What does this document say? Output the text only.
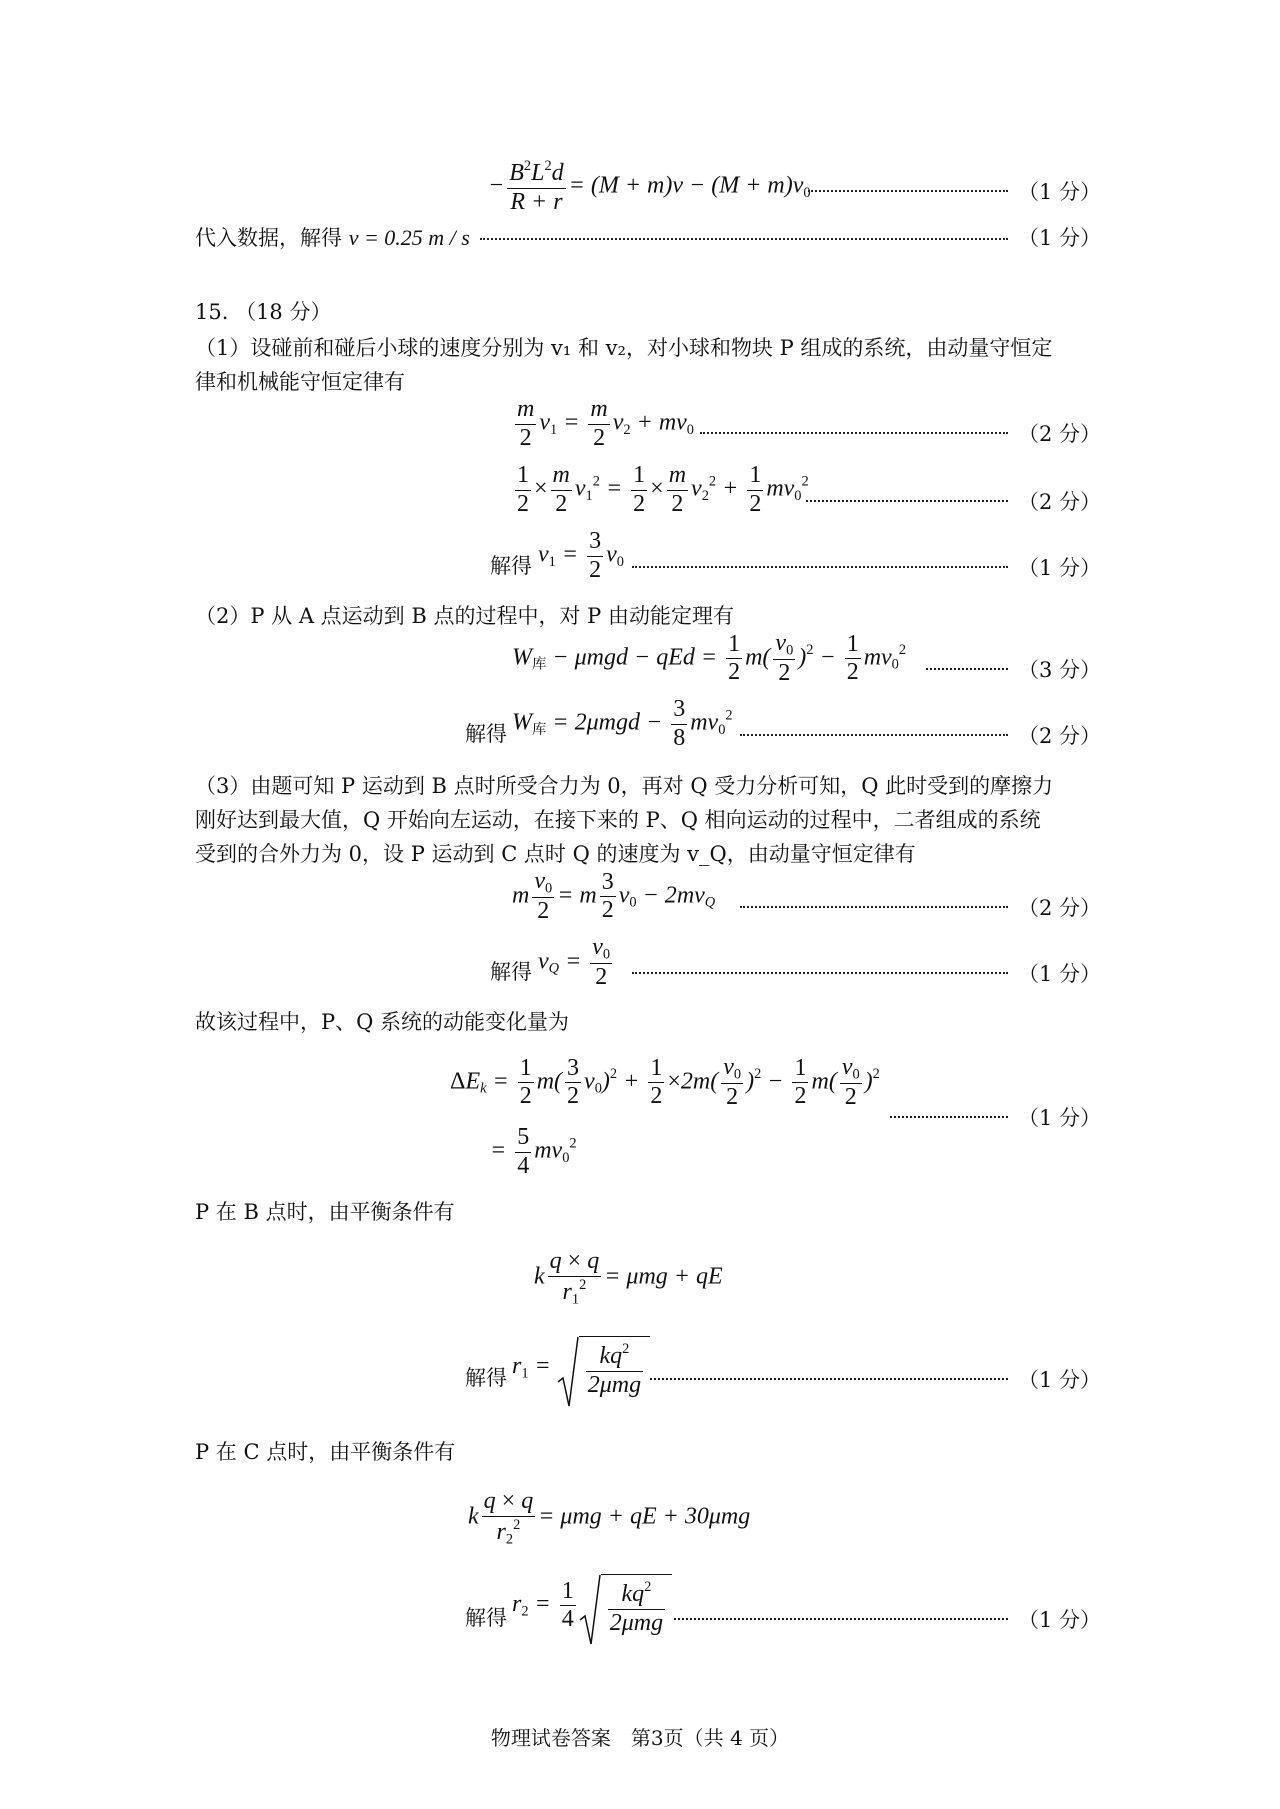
− $\frac{B^2L^2d}{R + r} = (M + m)v - (M + m)v_0$	（1 分）
代入数据，解得 v = 0.25 m / s	（1 分）
15. （18 分）
（1）设碰前和碰后小球的速度分别为 v₁ 和 v₂，对小球和物块 P 组成的系统，由动量守恒定
律和机械能守恒定律有
$\frac{m}{2} v_1 = \frac{m}{2} v_2 + mv_0$	（2 分）
$\frac{1}{2} \times \frac{m}{2} v_1^2 = \frac{1}{2} \times \frac{m}{2} v_2^2 + \frac{1}{2} mv_0^2$
（2 分）
解得 $v_1 = \frac{3}{2} v_0$	（1 分）
（2）P 从 A 点运动到 B 点的过程中，对 P 由动能定理有
$W_库 - \mu mgd$ − qEd = $\frac{1}{2} m( \frac{v_0}{2} )^2 - \frac{1}{2} mv_0^2$
（3 分）
解得 $W_库 = 2\mu mgd - \frac{3}{8} mv_0^2$
（2 分）
（3）由题可知 P 运动到 B 点时所受合力为 0，再对 Q 受力分析可知，Q 此时受到的摩擦力
刚好达到最大值，Q 开始向左运动，在接下来的 P、Q 相向运动的过程中，二者组成的系统
受到的合外力为 0，设 P 运动到 C 点时 Q 的速度为 v_Q，由动量守恒定律有
m $\frac{v_0}{2} = m \frac{3}{2} v_0 - 2mv_Q$	（2 分）
解得 $v_Q = \frac{v_0}{2}$	（1 分）
故该过程中，P、Q 系统的动能变化量为
$\Delta E_k = \frac{1}{2} m( \frac{3}{2} v_0)^2 + \frac{1}{2} \times 2m( \frac{v_0}{2} )^2 - \frac{1}{2} m( \frac{v_0}{2} )^2$
= $\frac{5}{4} mv_0^2$
（1 分）
P 在 B 点时，由平衡条件有
k $\frac{q \times q}{r_1^2} = \mu mg$ + qE
解得 $r_1 = \frac{kq^2}{\text{2μmg}}$	（1 分）
P 在 C 点时，由平衡条件有
k $\frac{q \times q}{r_2^2} = \mu mg$ + qE + 30μmg
解得
$r_2 = \frac{1}{4} \frac{kq^2}{\text{2μmg}}$	（1 分）
物理试卷答案　第3页（共 4 页）
